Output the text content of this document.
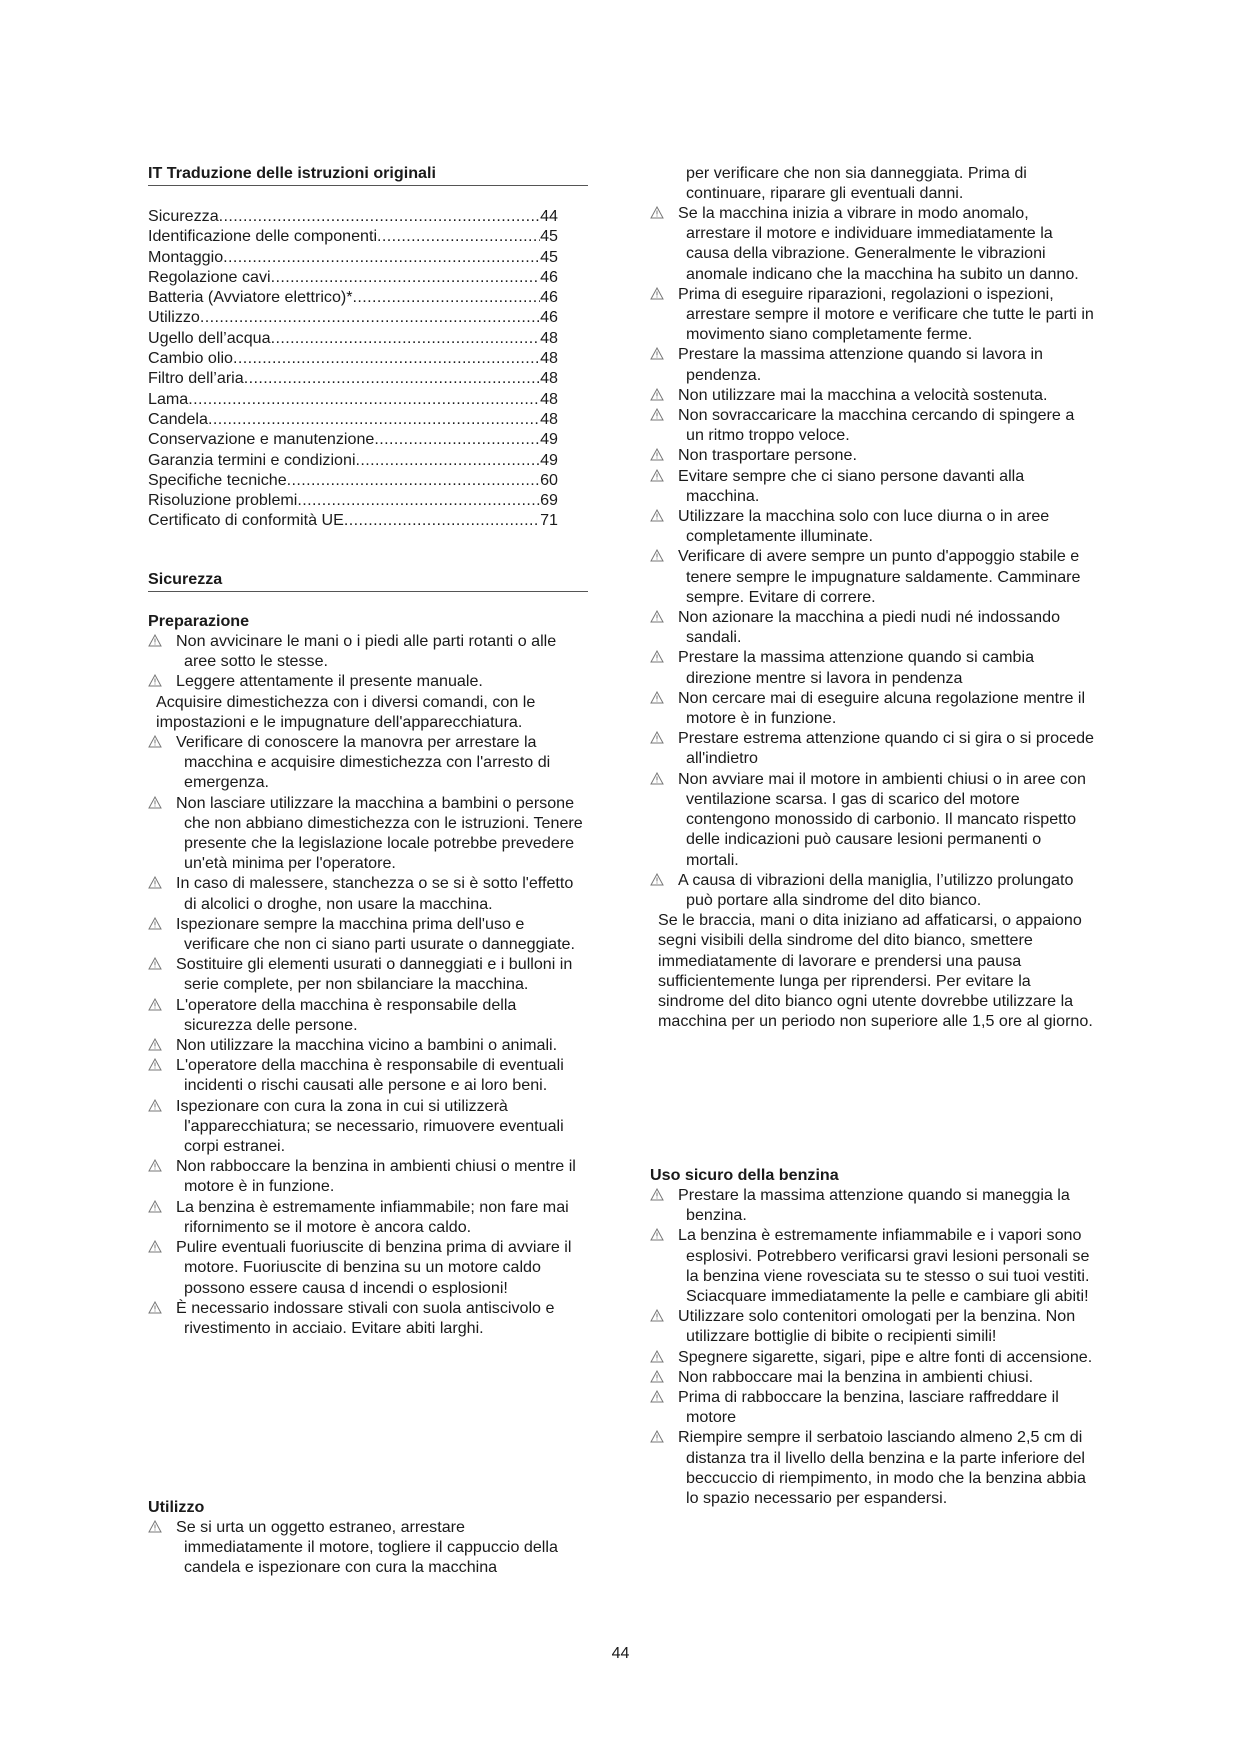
IT Traduzione delle istruzioni originali
Sicurezza .....	44
Identificazione delle componenti .....	45
Montaggio .....	45
Regolazione cavi .....	46
Batteria (Avviatore elettrico)* .....	46
Utilizzo .....	46
Ugello dell’acqua .....	48
Cambio olio .....	48
Filtro dell’aria .....	48
Lama .....	48
Candela .....	48
Conservazione e manutenzione .....	49
Garanzia termini e condizioni .....	49
Specifiche tecniche .....	60
Risoluzione problemi .....	69
Certificato di conformità UE .....	71
Sicurezza
Preparazione
Non avvicinare le mani o i piedi alle parti rotanti o alle aree sotto le stesse.
Leggere attentamente il presente manuale.
Acquisire dimestichezza con i diversi comandi, con le impostazioni e le impugnature dell'apparecchiatura.
Verificare di conoscere la manovra per arrestare la macchina e acquisire dimestichezza con l'arresto di emergenza.
Non lasciare utilizzare la macchina a bambini o persone che non abbiano dimestichezza con le istruzioni. Tenere presente che la legislazione locale potrebbe prevedere un'età minima per l'operatore.
In caso di malessere, stanchezza o se si è sotto l'effetto di alcolici o droghe, non usare la macchina.
Ispezionare sempre la macchina prima dell'uso e verificare che non ci siano parti usurate o danneggiate.
Sostituire gli elementi usurati o danneggiati e i bulloni in serie complete, per non sbilanciare la macchina.
L'operatore della macchina è responsabile della sicurezza delle persone.
Non utilizzare la macchina vicino a bambini o animali.
L'operatore della macchina è responsabile di eventuali incidenti o rischi causati alle persone e ai loro beni.
Ispezionare con cura la zona in cui si utilizzerà l'apparecchiatura; se necessario, rimuovere eventuali corpi estranei.
Non rabboccare la benzina in ambienti chiusi o mentre il motore è in funzione.
La benzina è estremamente infiammabile; non fare mai rifornimento se il motore è ancora caldo.
Pulire eventuali fuoriuscite di benzina prima di avviare il motore. Fuoriuscite di benzina su un motore caldo possono essere causa d incendi o esplosioni!
È necessario indossare stivali con suola antiscivolo e rivestimento in acciaio. Evitare abiti larghi.
Utilizzo
Se si urta un oggetto estraneo, arrestare immediatamente il motore, togliere il cappuccio della candela e ispezionare con cura la macchina
per verificare che non sia danneggiata. Prima di continuare, riparare gli eventuali danni.
Se la macchina inizia a vibrare in modo anomalo, arrestare il motore e individuare immediatamente la causa della vibrazione. Generalmente le vibrazioni anomale indicano che la macchina ha subito un danno.
Prima di eseguire riparazioni, regolazioni o ispezioni, arrestare sempre il motore e verificare che tutte le parti in movimento siano completamente ferme.
Prestare la massima attenzione quando si lavora in pendenza.
Non utilizzare mai la macchina a velocità sostenuta.
Non sovraccaricare la macchina cercando di spingere a un ritmo troppo veloce.
Non trasportare persone.
Evitare sempre che ci siano persone davanti alla macchina.
Utilizzare la macchina solo con luce diurna o in aree completamente illuminate.
Verificare di avere sempre un punto d'appoggio stabile e tenere sempre le impugnature saldamente. Camminare sempre. Evitare di correre.
Non azionare la macchina a piedi nudi né indossando sandali.
Prestare la massima attenzione quando si cambia direzione mentre si lavora in pendenza
Non cercare mai di eseguire alcuna regolazione mentre il motore è in funzione.
Prestare estrema attenzione quando ci si gira o si procede all'indietro
Non avviare mai il motore in ambienti chiusi o in aree con ventilazione scarsa. I gas di scarico del motore contengono monossido di carbonio. Il mancato rispetto delle indicazioni può causare lesioni permanenti o mortali.
A causa di vibrazioni della maniglia, l’utilizzo prolungato può portare alla sindrome del dito bianco.
Se le braccia, mani o dita iniziano ad affaticarsi, o appaiono segni visibili della sindrome del dito bianco, smettere immediatamente di lavorare e prendersi una pausa sufficientemente lunga per riprendersi. Per evitare la sindrome del dito bianco ogni utente dovrebbe utilizzare la macchina per un periodo non superiore alle 1,5 ore al giorno.
Uso sicuro della benzina
Prestare la massima attenzione quando si maneggia la benzina.
La benzina è estremamente infiammabile e i vapori sono esplosivi. Potrebbero verificarsi gravi lesioni personali se la benzina viene rovesciata su te stesso o sui tuoi vestiti. Sciacquare immediatamente la pelle e cambiare gli abiti!
Utilizzare solo contenitori omologati per la benzina. Non utilizzare bottiglie di bibite o recipienti simili!
Spegnere sigarette, sigari, pipe e altre fonti di accensione.
Non rabboccare mai la benzina in ambienti chiusi.
Prima di rabboccare la benzina, lasciare raffreddare il motore
Riempire sempre il serbatoio lasciando almeno 2,5 cm di distanza tra il livello della benzina e la parte inferiore del beccuccio di riempimento, in modo che la benzina abbia lo spazio necessario per espandersi.
44
